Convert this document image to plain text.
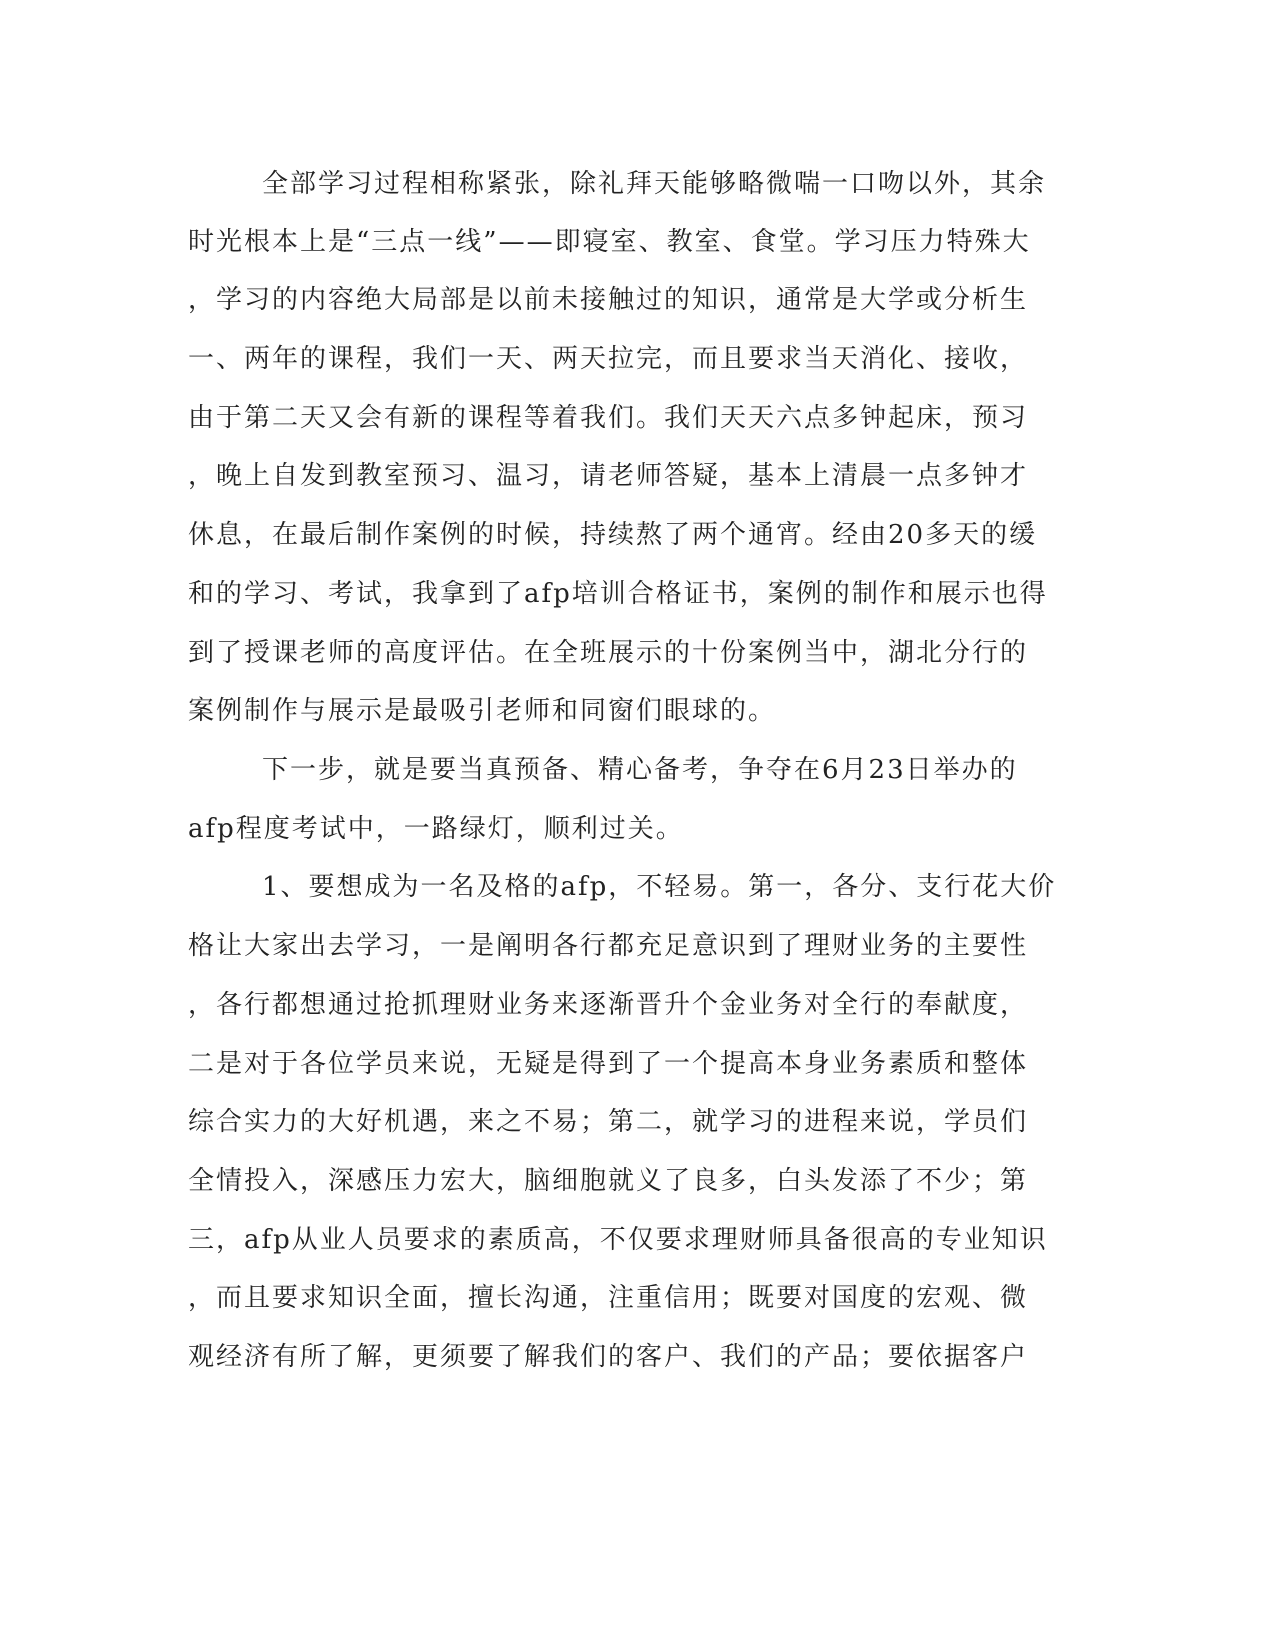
全部学习过程相称紧张，除礼拜天能够略微喘一口吻以外，其余

时光根本上是“三点一线”——即寝室、教室、食堂。学习压力特殊大

，学习的内容绝大局部是以前未接触过的知识，通常是大学或分析生

一、两年的课程，我们一天、两天拉完，而且要求当天消化、接收，

由于第二天又会有新的课程等着我们。我们天天六点多钟起床，预习

，晚上自发到教室预习、温习，请老师答疑，基本上清晨一点多钟才

休息，在最后制作案例的时候，持续熬了两个通宵。经由20多天的缓

和的学习、考试，我拿到了afp培训合格证书，案例的制作和展示也得

到了授课老师的高度评估。在全班展示的十份案例当中，湖北分行的

案例制作与展示是最吸引老师和同窗们眼球的。

下一步，就是要当真预备、精心备考，争夺在6月23日举办的

afp程度考试中，一路绿灯，顺利过关。

1、要想成为一名及格的afp，不轻易。第一，各分、支行花大价

格让大家出去学习，一是阐明各行都充足意识到了理财业务的主要性

，各行都想通过抢抓理财业务来逐渐晋升个金业务对全行的奉献度，

二是对于各位学员来说，无疑是得到了一个提高本身业务素质和整体

综合实力的大好机遇，来之不易；第二，就学习的进程来说，学员们

全情投入，深感压力宏大，脑细胞就义了良多，白头发添了不少；第

三，afp从业人员要求的素质高，不仅要求理财师具备很高的专业知识

，而且要求知识全面，擅长沟通，注重信用；既要对国度的宏观、微

观经济有所了解，更须要了解我们的客户、我们的产品；要依据客户
